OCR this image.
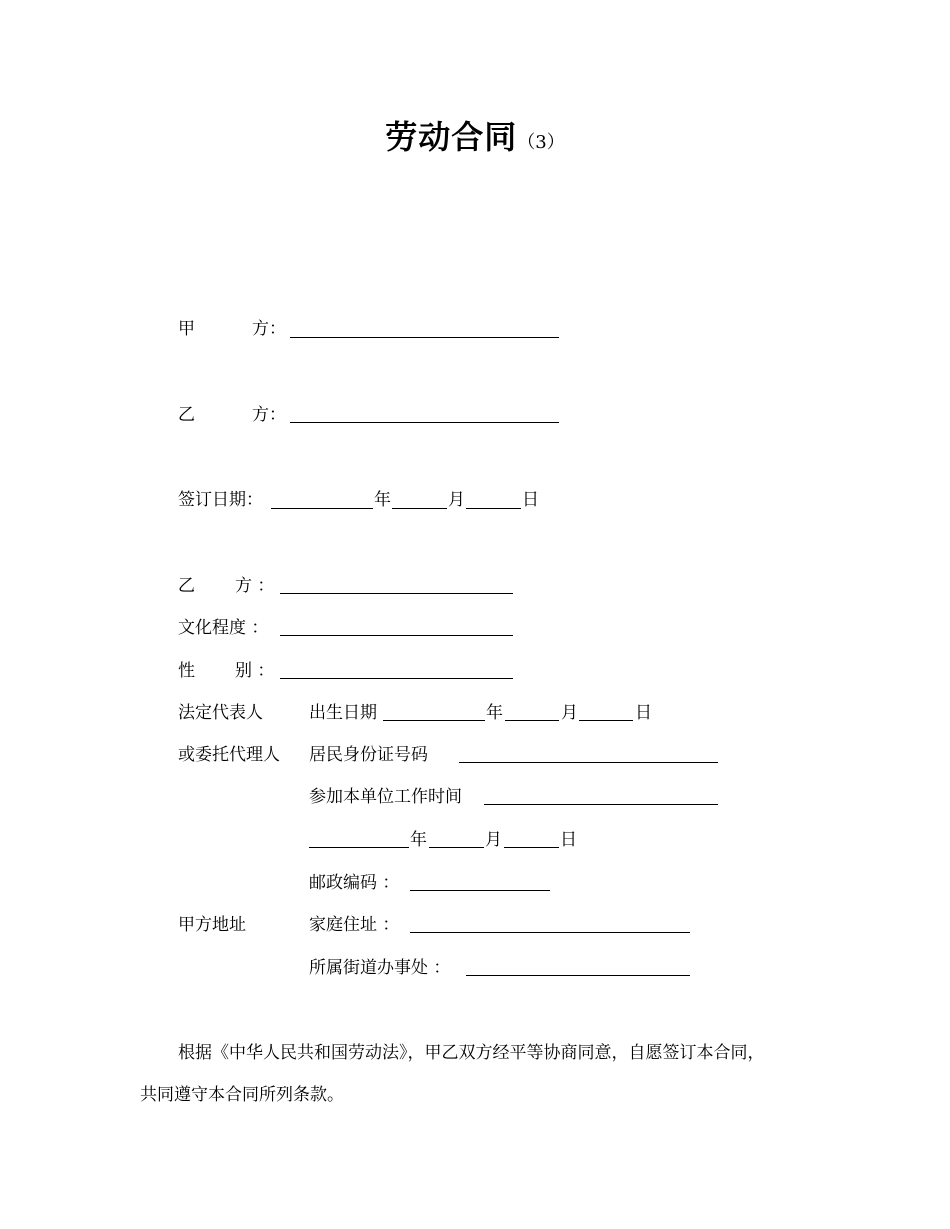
劳动合同（3）
甲	方：
乙	方：
签订日期：	年	月	日
乙 方 ：
文化程度 ：
性 别 ：
法定代表人	出生日期	年	月	日
或委托代理人 居民身份证号码
参加本单位工作时间
年	月	日
邮政编码 ：
甲方地址	家庭住址 ：
所属街道办事处 ：
根据《中华人民共和国劳动法》，甲乙双方经平等协商同意，自愿签订本合同，
共同遵守本合同所列条款。
